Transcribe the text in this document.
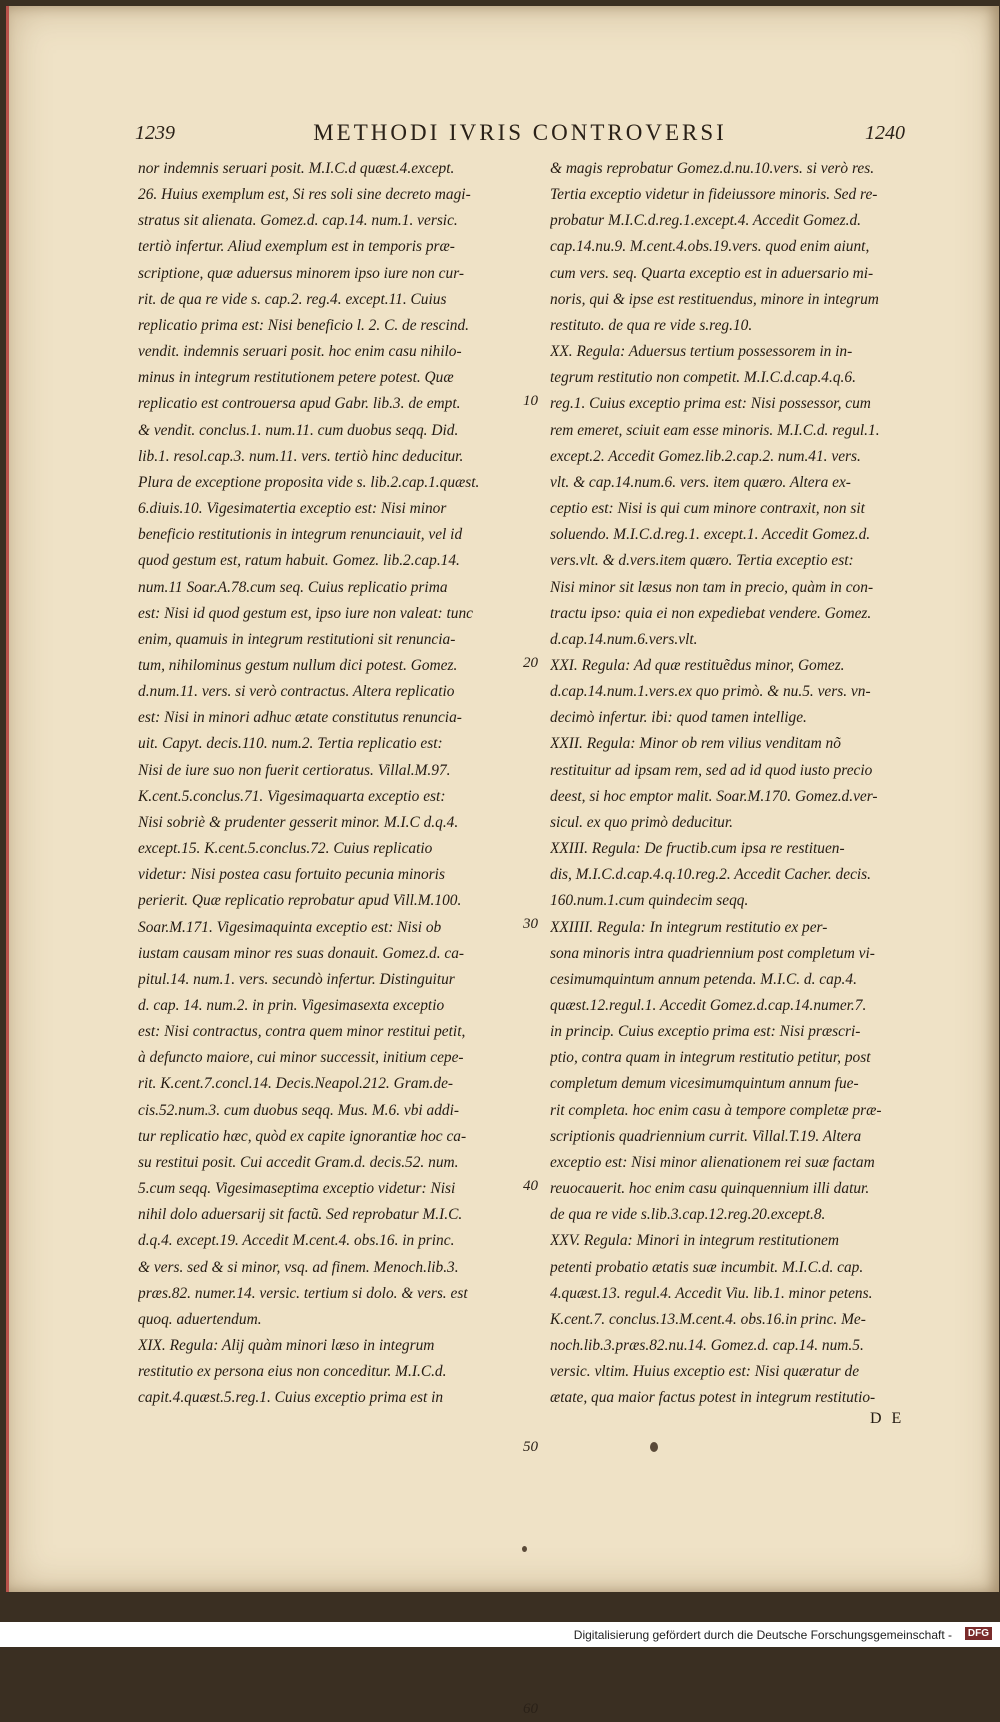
1239	METHODI IVRIS CONTROVERSI	1240
nor indemnis seruari posit. M.I.C.d quæst.4.except.
26. Huius exemplum est, Si res soli sine decreto magi-
stratus sit alienata. Gomez.d. cap.14. num.1. versic.
tertiò infertur. Aliud exemplum est in temporis præ-
scriptione, quæ aduersus minorem ipso iure non cur-
rit. de qua re vide s. cap.2. reg.4. except.11. Cuius
replicatio prima est: Nisi beneficio l. 2. C. de rescind.
vendit. indemnis seruari posit. hoc enim casu nihilo-
minus in integrum restitutionem petere potest. Quæ
replicatio est controuersa apud Gabr. lib.3. de empt.
& vendit. conclus.1. num.11. cum duobus seqq. Did.
lib.1. resol.cap.3. num.11. vers. tertiò hinc deducitur.
Plura de exceptione proposita vide s. lib.2.cap.1.quæst.
6.diuis.10. Vigesimatertia exceptio est: Nisi minor
beneficio restitutionis in integrum renunciauit, vel id
quod gestum est, ratum habuit. Gomez. lib.2.cap.14.
num.11 Soar.A.78.cum seq. Cuius replicatio prima
est: Nisi id quod gestum est, ipso iure non valeat: tunc
enim, quamuis in integrum restitutioni sit renuncia-
tum, nihilominus gestum nullum dici potest. Gomez.
d.num.11. vers. si verò contractus. Altera replicatio
est: Nisi in minori adhuc ætate constitutus renuncia-
uit. Capyt. decis.110. num.2. Tertia replicatio est:
Nisi de iure suo non fuerit certioratus. Villal.M.97.
K.cent.5.conclus.71. Vigesimaquarta exceptio est:
Nisi sobriè & prudenter gesserit minor. M.I.C d.q.4.
except.15. K.cent.5.conclus.72. Cuius replicatio
videtur: Nisi postea casu fortuito pecunia minoris
perierit. Quæ replicatio reprobatur apud Vill.M.100.
Soar.M.171. Vigesimaquinta exceptio est: Nisi ob
iustam causam minor res suas donauit. Gomez.d. ca-
pitul.14. num.1. vers. secundò infertur. Distinguitur
d. cap. 14. num.2. in prin. Vigesimasexta exceptio
est: Nisi contractus, contra quem minor restitui petit,
à defuncto maiore, cui minor successit, initium cepe-
rit. K.cent.7.concl.14. Decis.Neapol.212. Gram.de-
cis.52.num.3. cum duobus seqq. Mus. M.6. vbi addi-
tur replicatio hæc, quòd ex capite ignorantiæ hoc ca-
su restitui posit. Cui accedit Gram.d. decis.52. num.
5.cum seqq. Vigesimaseptima exceptio videtur: Nisi
nihil dolo aduersarij sit factũ. Sed reprobatur M.I.C.
d.q.4. except.19. Accedit M.cent.4. obs.16. in princ.
& vers. sed & si minor, vsq. ad finem. Menoch.lib.3.
præs.82. numer.14. versic. tertium si dolo. & vers. est
quoq. aduertendum.
XIX. Regula: Alij quàm minori læso in integrum
restitutio ex persona eius non conceditur. M.I.C.d.
capit.4.quæst.5.reg.1. Cuius exceptio prima est in
10
20
30
40
50
60
& magis reprobatur Gomez.d.nu.10.vers. si verò res.
Tertia exceptio videtur in fideiussore minoris. Sed re-
probatur M.I.C.d.reg.1.except.4. Accedit Gomez.d.
cap.14.nu.9. M.cent.4.obs.19.vers. quod enim aiunt,
cum vers. seq. Quarta exceptio est in aduersario mi-
noris, qui & ipse est restituendus, minore in integrum
restituto. de qua re vide s.reg.10.
XX. Regula: Aduersus tertium possessorem in in-
tegrum restitutio non competit. M.I.C.d.cap.4.q.6.
reg.1. Cuius exceptio prima est: Nisi possessor, cum
rem emeret, sciuit eam esse minoris. M.I.C.d. regul.1.
except.2. Accedit Gomez.lib.2.cap.2. num.41. vers.
vlt. & cap.14.num.6. vers. item quæro. Altera ex-
ceptio est: Nisi is qui cum minore contraxit, non sit
soluendo. M.I.C.d.reg.1. except.1. Accedit Gomez.d.
vers.vlt. & d.vers.item quæro. Tertia exceptio est:
Nisi minor sit læsus non tam in precio, quàm in con-
tractu ipso: quia ei non expediebat vendere. Gomez.
d.cap.14.num.6.vers.vlt.
XXI. Regula: Ad quæ restituẽdus minor, Gomez.
d.cap.14.num.1.vers.ex quo primò. & nu.5. vers. vn-
decimò infertur. ibi: quod tamen intellige.
XXII. Regula: Minor ob rem vilius venditam nõ
restituitur ad ipsam rem, sed ad id quod iusto precio
deest, si hoc emptor malit. Soar.M.170. Gomez.d.ver-
sicul. ex quo primò deducitur.
XXIII. Regula: De fructib.cum ipsa re restituen-
dis, M.I.C.d.cap.4.q.10.reg.2. Accedit Cacher. decis.
160.num.1.cum quindecim seqq.
XXIIII. Regula: In integrum restitutio ex per-
sona minoris intra quadriennium post completum vi-
cesimumquintum annum petenda. M.I.C. d. cap.4.
quæst.12.regul.1. Accedit Gomez.d.cap.14.numer.7.
in princip. Cuius exceptio prima est: Nisi præscri-
ptio, contra quam in integrum restitutio petitur, post
completum demum vicesimumquintum annum fue-
rit completa. hoc enim casu à tempore completæ præ-
scriptionis quadriennium currit. Villal.T.19. Altera
exceptio est: Nisi minor alienationem rei suæ factam
reuocauerit. hoc enim casu quinquennium illi datur.
de qua re vide s.lib.3.cap.12.reg.20.except.8.
XXV. Regula: Minori in integrum restitutionem
petenti probatio ætatis suæ incumbit. M.I.C.d. cap.
4.quæst.13. regul.4. Accedit Viu. lib.1. minor petens.
K.cent.7. conclus.13.M.cent.4. obs.16.in princ. Me-
noch.lib.3.præs.82.nu.14. Gomez.d. cap.14. num.5.
versic. vltim. Huius exceptio est: Nisi quæratur de
ætate, qua maior factus potest in integrum restitutio-
D E
Digitalisierung gefördert durch die Deutsche Forschungsgemeinschaft -	DFG
